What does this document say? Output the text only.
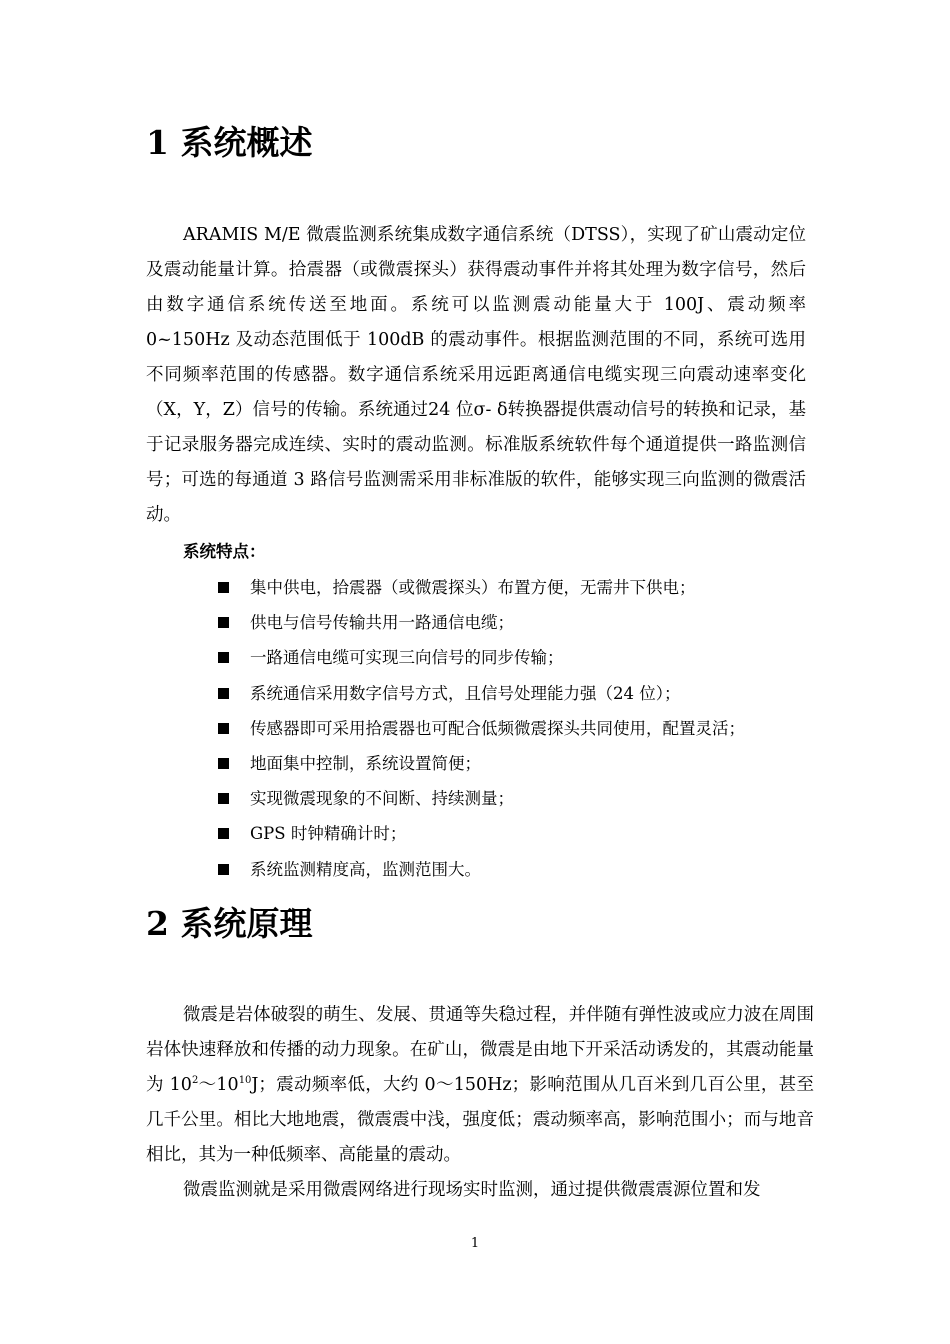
1 系统概述

ARAMIS M/E 微震监测系统集成数字通信系统（DTSS），实现了矿山震动定位及震动能量计算。拾震器（或微震探头）获得震动事件并将其处理为数字信号，然后由数字通信系统传送至地面。系统可以监测震动能量大于 100J、震动频率 0~150Hz 及动态范围低于 100dB 的震动事件。根据监测范围的不同，系统可选用不同频率范围的传感器。数字通信系统采用远距离通信电缆实现三向震动速率变化（X，Y，Z）信号的传输。系统通过24 位σ- δ转换器提供震动信号的转换和记录，基于记录服务器完成连续、实时的震动监测。标准版系统软件每个通道提供一路监测信号；可选的每通道 3 路信号监测需采用非标准版的软件，能够实现三向监测的微震活动。

系统特点：

集中供电，拾震器（或微震探头）布置方便，无需井下供电；
供电与信号传输共用一路通信电缆；
一路通信电缆可实现三向信号的同步传输；
系统通信采用数字信号方式，且信号处理能力强（24 位）；
传感器即可采用拾震器也可配合低频微震探头共同使用，配置灵活；
地面集中控制，系统设置简便；
实现微震现象的不间断、持续测量；
GPS 时钟精确计时；
系统监测精度高，监测范围大。
2 系统原理

微震是岩体破裂的萌生、发展、贯通等失稳过程，并伴随有弹性波或应力波在周围岩体快速释放和传播的动力现象。在矿山，微震是由地下开采活动诱发的，其震动能量为 $10^2\sim 10^{10}J$；震动频率低，大约 0～150Hz；影响范围从几百米到几百公里，甚至几千公里。相比大地地震，微震震中浅，强度低；震动频率高，影响范围小；而与地音相比，其为一种低频率、高能量的震动。

微震监测就是采用微震网络进行现场实时监测，通过提供微震震源位置和发

1
